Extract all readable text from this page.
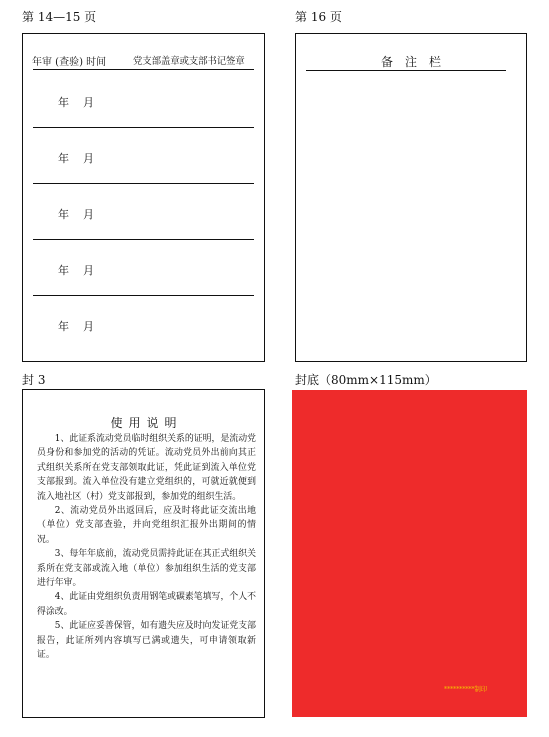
第 14—15 页	第 16 页
封 3	封底（80mm×115mm）
年审 (查验) 时间	党支部盖章或支部书记签章
年 月
年 月
年 月
年 月
年 月
备注栏
使用说明

1、此证系流动党员临时组织关系的证明，是流动党员身份和参加党的活动的凭证。流动党员外出前向其正式组织关系所在党支部领取此证，凭此证到流入单位党支部报到。流入单位没有建立党组织的，可就近就便到流入地社区（村）党支部报到，参加党的组织生活。

2、流动党员外出返回后，应及时将此证交流出地（单位）党支部查验，并向党组织汇报外出期间的情况。

3、每年年底前，流动党员需持此证在其正式组织关系所在党支部或流入地（单位）参加组织生活的党支部进行年审。

4、此证由党组织负责用钢笔或碳素笔填写，个人不得涂改。

5、此证应妥善保管，如有遗失应及时向发证党支部报告，此证所列内容填写已满或遗失，可申请领取新证。

**********制印
